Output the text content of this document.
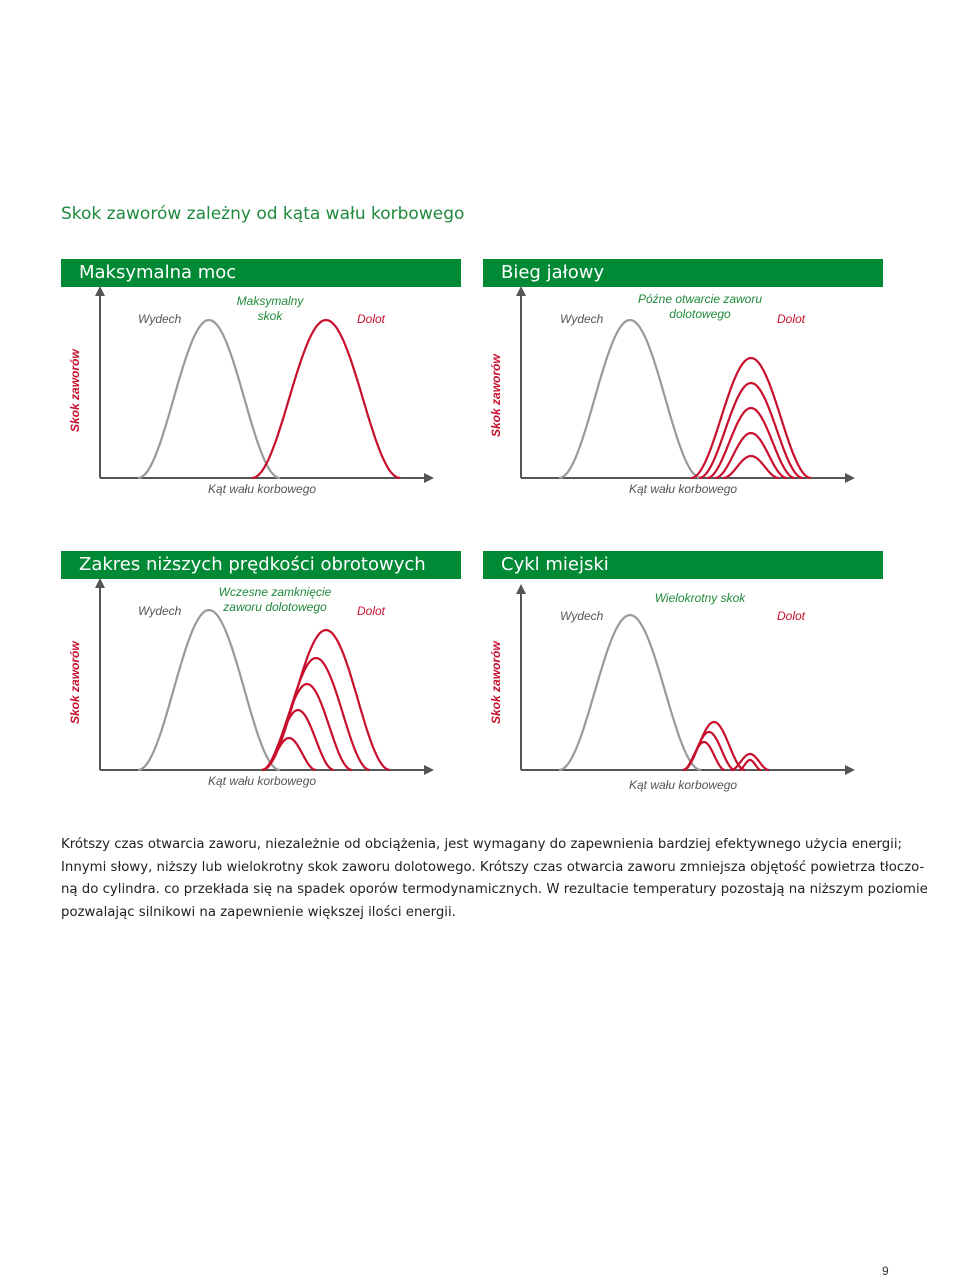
Skok zaworów zależny od kąta wału korbowego
Maksymalna moc
Wydech
Maksymalny
skok	Dolot
Skok zaworów
Kąt wału korbowego
Bieg jałowy
Wydech
Późne otwarcie zaworu
dolotowego	Dolot
Skok zaworów
Kąt wału korbowego
Zakres niższych prędkości obrotowych
Wydech
Wczesne zamknięcie
zaworu dolotowego	Dolot
Skok zaworów
Kąt wału korbowego
Cykl miejski
Wydech
Wielokrotny skok
Dolot
Skok zaworów
Kąt wału korbowego
Krótszy czas otwarcia zaworu, niezależnie od obciążenia, jest wymagany do zapewnienia bardziej efektywnego użycia energii;
Innymi słowy, niższy lub wielokrotny skok zaworu dolotowego. Krótszy czas otwarcia zaworu zmniejsza objętość powietrza tłoczo-
ną do cylindra. co przekłada się na spadek oporów termodynamicznych. W rezultacie temperatury pozostają na niższym poziomie
pozwalając silnikowi na zapewnienie większej ilości energii.
9
